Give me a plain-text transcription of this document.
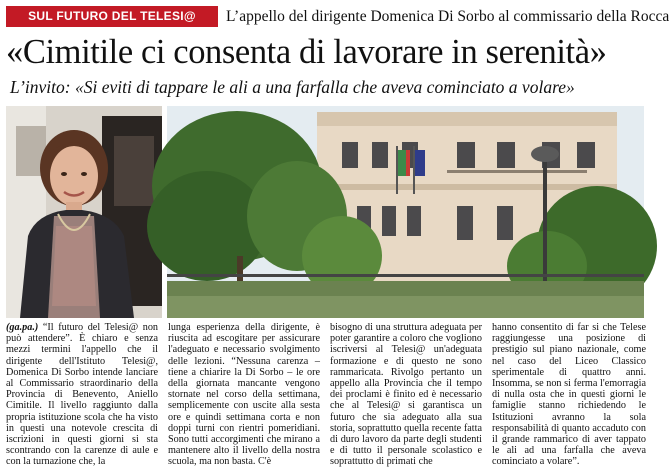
SUL FUTURO DEL TELESI@	L’appello del dirigente Domenica Di Sorbo al commissario della Rocca
«Cimitile ci consenta di lavorare in serenità»
L’invito: «Si eviti di tappare le ali a una farfalla che aveva cominciato a volare»

(ga.pa.) “Il futuro del Telesi@ non può attendere”. È chiaro e senza mezzi termini l'appello che il dirigente dell'Istituto Telesi@, Domenica Di Sorbo intende lanciare al Commissario straordinario della Provincia di Benevento, Aniello Cimitile. Il livello raggiunto dalla propria istituzione scola che ha visto in questi una notevole crescita di iscrizioni in questi giorni si sta scontrando con la carenze di aule e con la turnazione che, la

lunga esperienza della dirigente, è riuscita ad escogitare per assicurare l'adeguato e necessario svolgimento delle lezioni. “Nessuna carenza – tiene a chiarire la Di Sorbo – le ore della giornata mancante vengono stornate nel corso della settimana, semplicemente con uscite alla sesta ore e quindi settimana corta e non doppi turni con rientri pomeridiani. Sono tutti accorgimenti che mirano a mantenere alto il livello della nostra scuola, ma non basta. C'è

bisogno di una struttura adeguata per poter garantire a coloro che vogliono iscriversi al Telesi@ un'adeguata formazione e di questo ne sono rammaricata. Rivolgo pertanto un appello alla Provincia che il tempo dei proclami è finito ed è necessario che al Telesi@ si garantisca un futuro che sia adeguato alla sua storia, soprattutto quella recente fatta di duro lavoro da parte degli studenti e di tutto il personale scolastico e soprattutto di primati che

hanno consentito di far si che Telese raggiungesse una posizione di prestigio sul piano nazionale, come nel caso del Liceo Classico sperimentale di quattro anni. Insomma, se non si ferma l'emorragia di nulla osta che in questi giorni le famiglie stanno richiedendo le Istituzioni avranno la sola responsabilità di quanto accaduto con il grande rammarico di aver tappato le ali ad una farfalla che aveva cominciato a volare”.
